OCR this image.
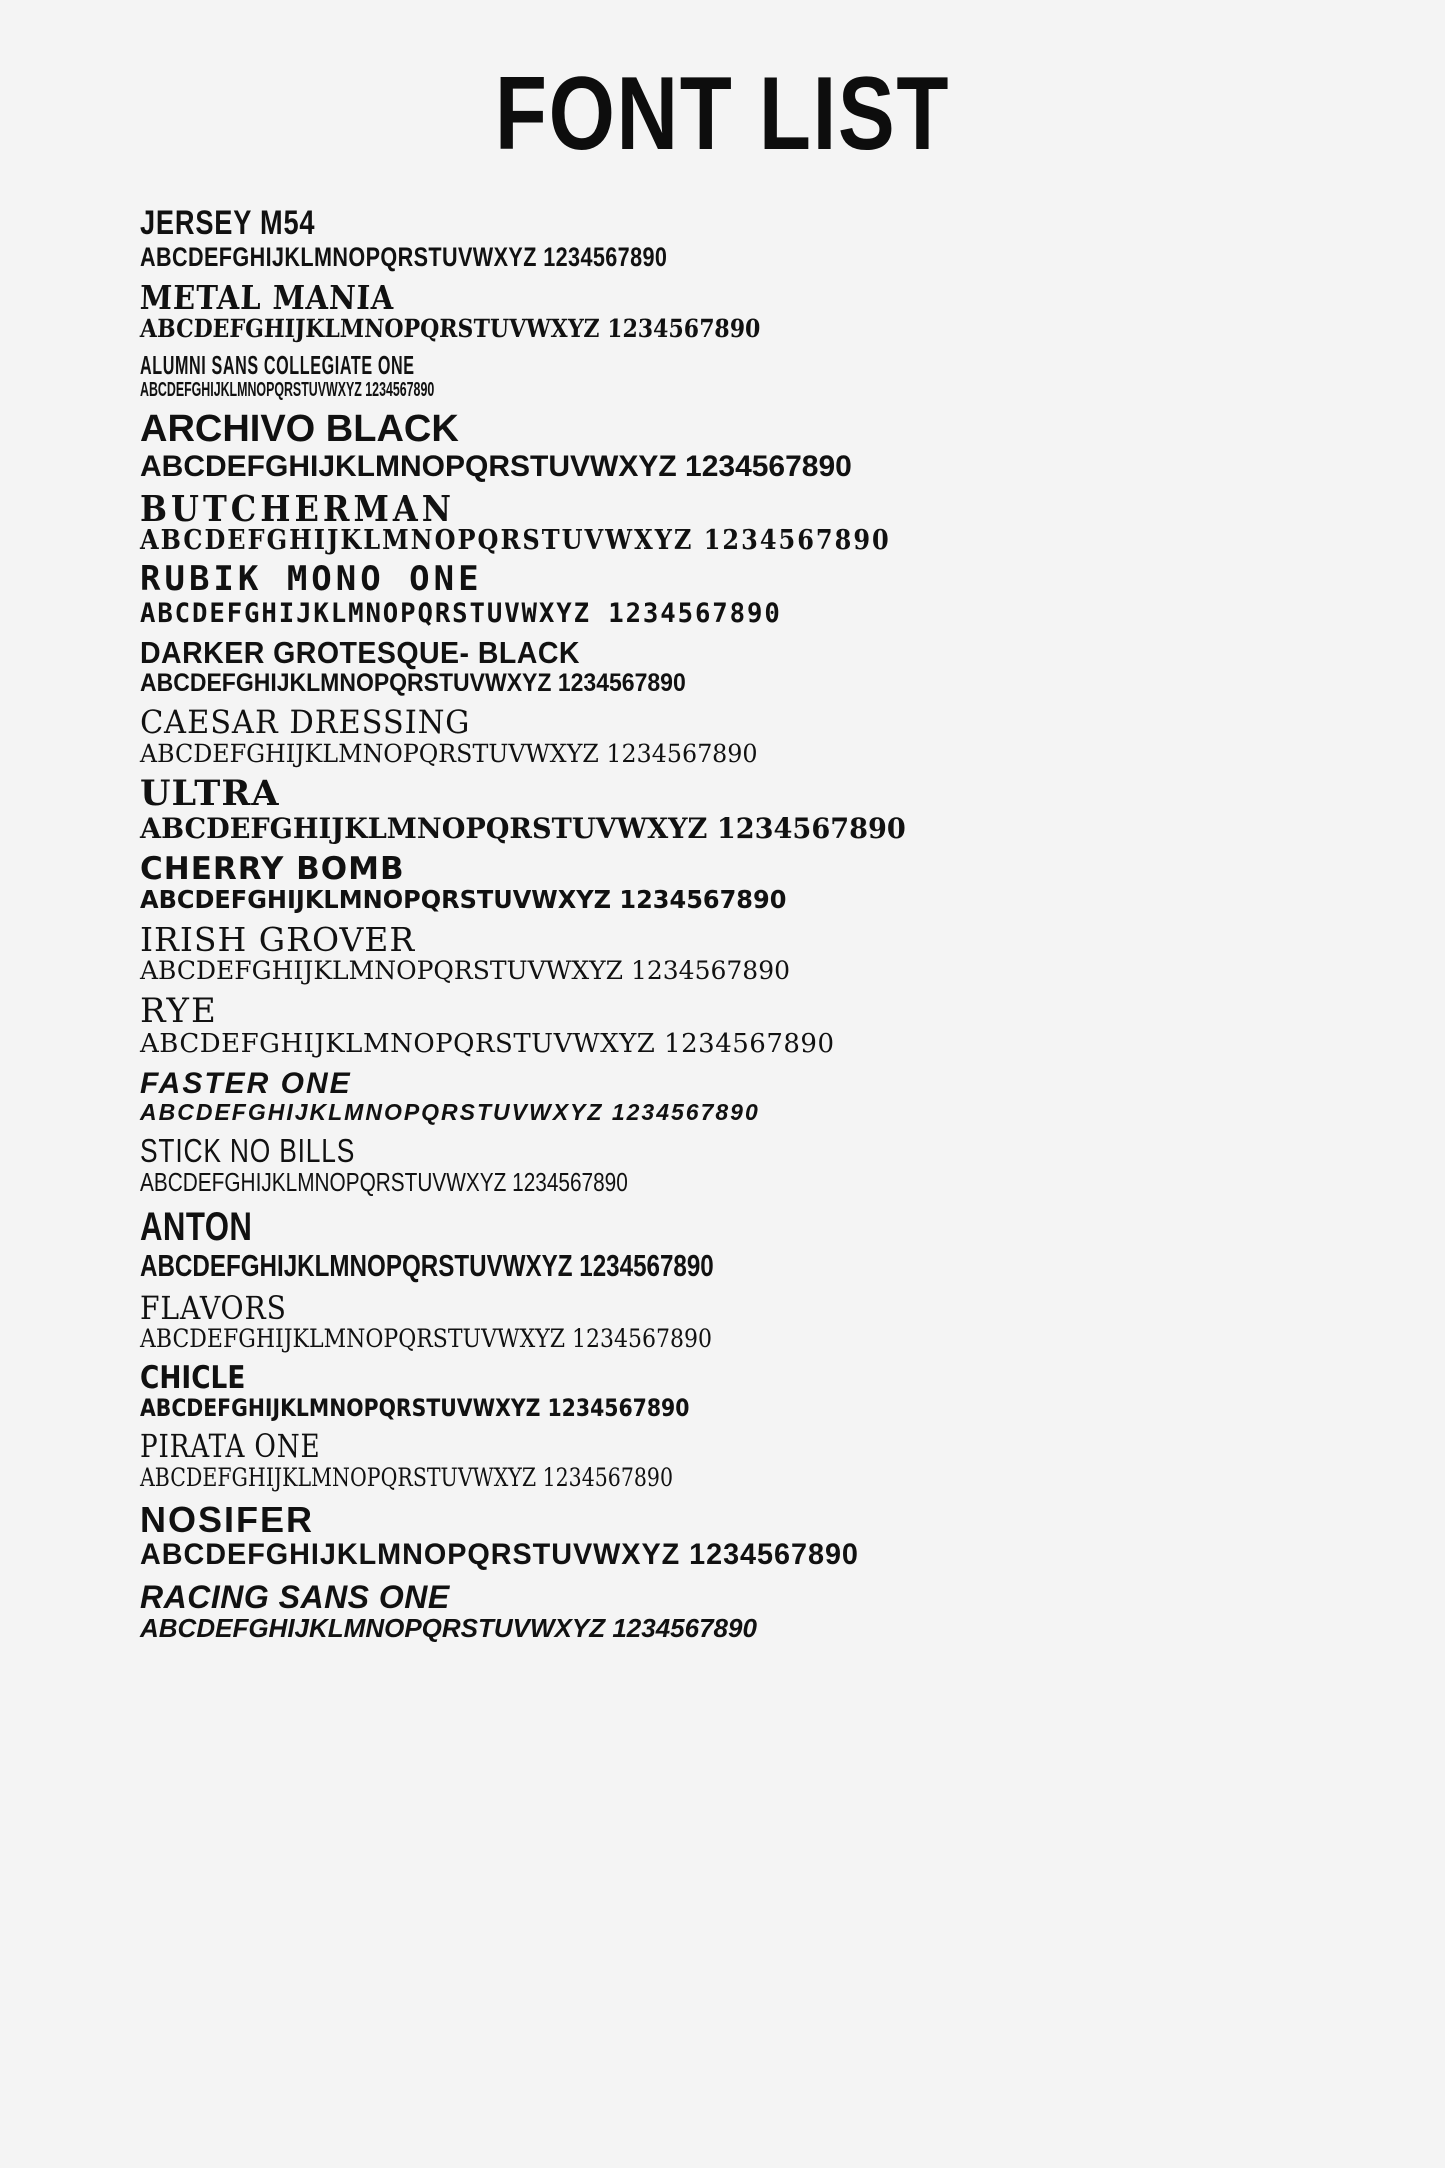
FONT LIST
JERSEY M54
ABCDEFGHIJKLMNOPQRSTUVWXYZ 1234567890
METAL MANIA
ABCDEFGHIJKLMNOPQRSTUVWXYZ 1234567890
ALUMNI SANS COLLEGIATE ONE
ABCDEFGHIJKLMNOPQRSTUVWXYZ 1234567890
ARCHIVO BLACK
ABCDEFGHIJKLMNOPQRSTUVWXYZ 1234567890
BUTCHERMAN
ABCDEFGHIJKLMNOPQRSTUVWXYZ 1234567890
RUBIK MONO ONE
ABCDEFGHIJKLMNOPQRSTUVWXYZ 1234567890
DARKER GROTESQUE- BLACK
ABCDEFGHIJKLMNOPQRSTUVWXYZ 1234567890
CAESAR DRESSING
ABCDEFGHIJKLMNOPQRSTUVWXYZ 1234567890
ULTRA
ABCDEFGHIJKLMNOPQRSTUVWXYZ 1234567890
CHERRY BOMB
ABCDEFGHIJKLMNOPQRSTUVWXYZ 1234567890
IRISH GROVER
ABCDEFGHIJKLMNOPQRSTUVWXYZ 1234567890
RYE
ABCDEFGHIJKLMNOPQRSTUVWXYZ 1234567890
FASTER ONE
ABCDEFGHIJKLMNOPQRSTUVWXYZ 1234567890
STICK NO BILLS
ABCDEFGHIJKLMNOPQRSTUVWXYZ 1234567890
ANTON
ABCDEFGHIJKLMNOPQRSTUVWXYZ 1234567890
FLAVORS
ABCDEFGHIJKLMNOPQRSTUVWXYZ 1234567890
CHICLE
ABCDEFGHIJKLMNOPQRSTUVWXYZ 1234567890
PIRATA ONE
ABCDEFGHIJKLMNOPQRSTUVWXYZ 1234567890
NOSIFER
ABCDEFGHIJKLMNOPQRSTUVWXYZ 1234567890
RACING SANS ONE
ABCDEFGHIJKLMNOPQRSTUVWXYZ 1234567890
